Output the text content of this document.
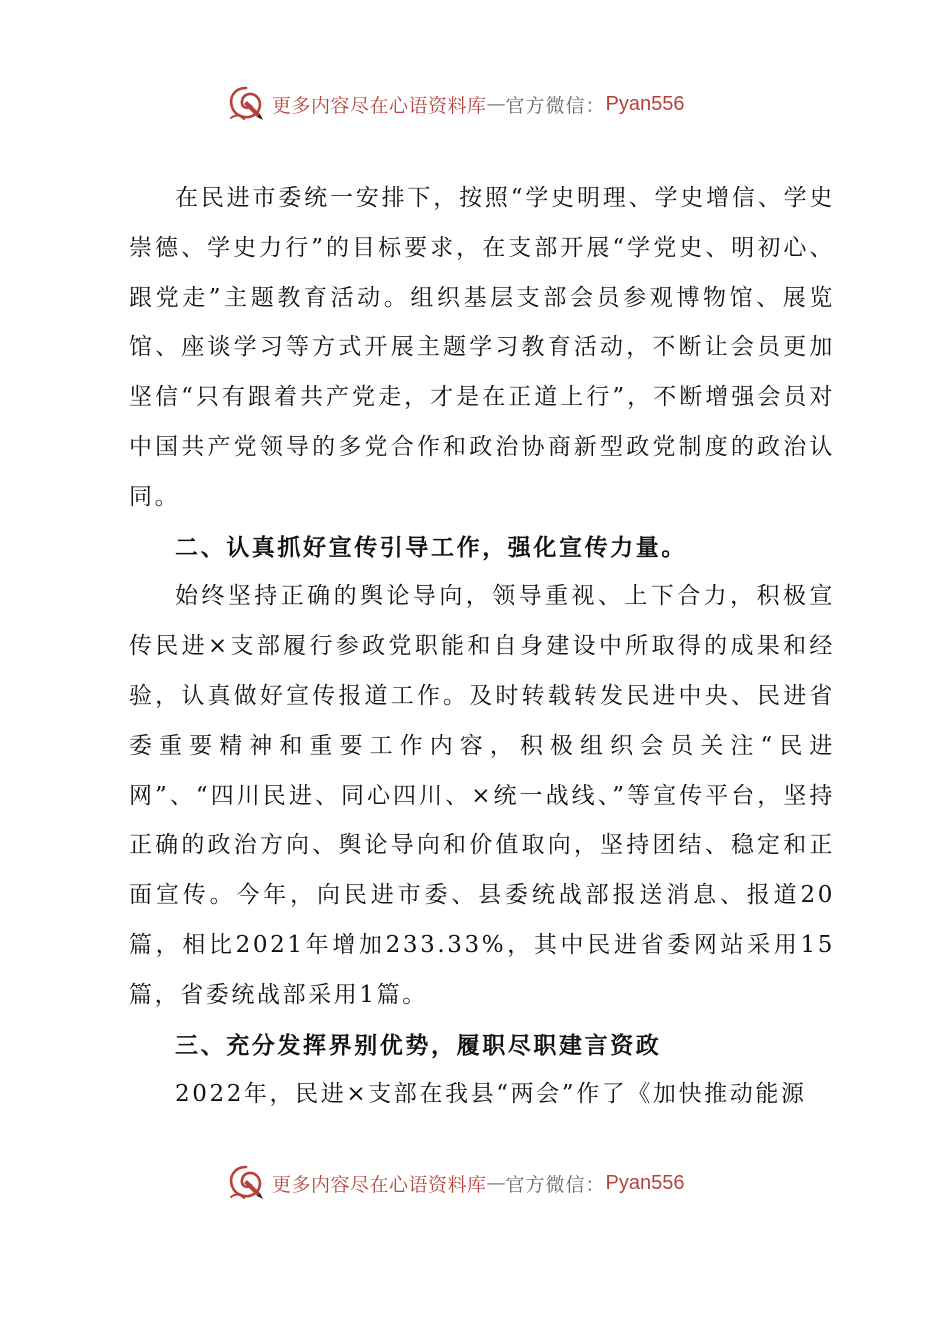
更多内容尽在心语资料库 — 官方微信： Pyan556

在民进市委统一安排下，按照“学史明理、学史增信、学史崇德、学史力行”的目标要求，在支部开展“学党史、明初心、跟党走”主题教育活动。组织基层支部会员参观博物馆、展览馆、座谈学习等方式开展主题学习教育活动，不断让会员更加坚信“只有跟着共产党走，才是在正道上行”，不断增强会员对中国共产党领导的多党合作和政治协商新型政党制度的政治认同。

二、认真抓好宣传引导工作，强化宣传力量。

始终坚持正确的舆论导向，领导重视、上下合力，积极宣传民进×支部履行参政党职能和自身建设中所取得的成果和经验，认真做好宣传报道工作。及时转载转发民进中央、民进省委重要精神和重要工作内容，积极组织会员关注“民进网”、“四川民进、同心四川、×统一战线、”等宣传平台，坚持正确的政治方向、舆论导向和价值取向，坚持团结、稳定和正面宣传。今年，向民进市委、县委统战部报送消息、报道20篇，相比2021年增加233.33%，其中民进省委网站采用15篇，省委统战部采用1篇。

三、充分发挥界别优势，履职尽职建言资政

2022年，民进×支部在我县“两会”作了《加快推动能源

更多内容尽在心语资料库 — 官方微信： Pyan556
